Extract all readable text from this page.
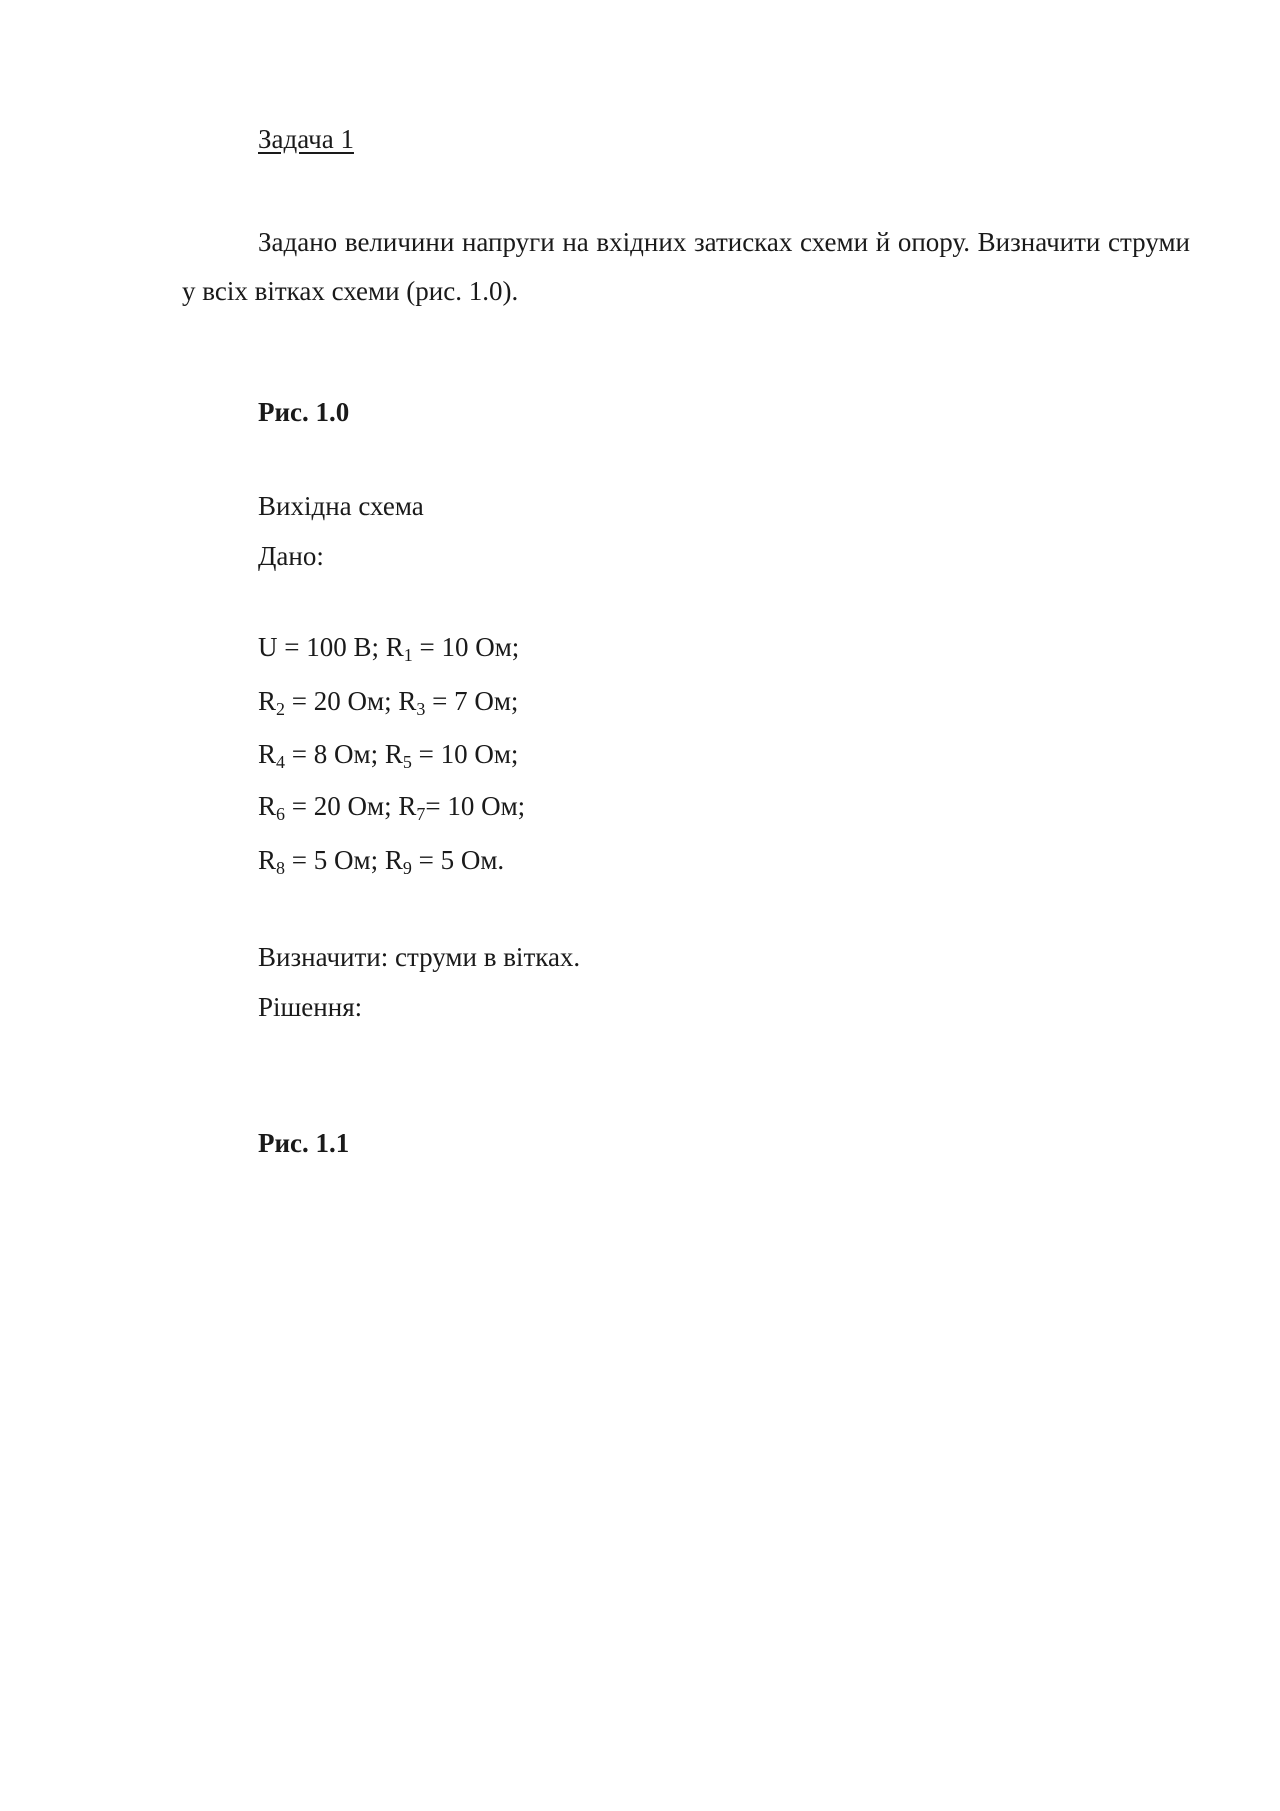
Задача 1
Задано величини напруги на вхідних затисках схеми й опору. Визначити струми у всіх вітках схеми (рис. 1.0).
Рис. 1.0
Вихідна схема
Дано:
U = 100 В; $R_1 = 10$ Ом;
$R_2 = 20$ Ом; $R_3 = 7$ Ом;
$R_4 = 8$ Ом; $R_5 = 10$ Ом;
$R_6 = 20$ Ом; $R_7= 10$ Ом;
$R_8 = 5$ Ом; $R_9 = 5$ Ом.
Визначити: струми в вітках.
Рішення:
Рис. 1.1
